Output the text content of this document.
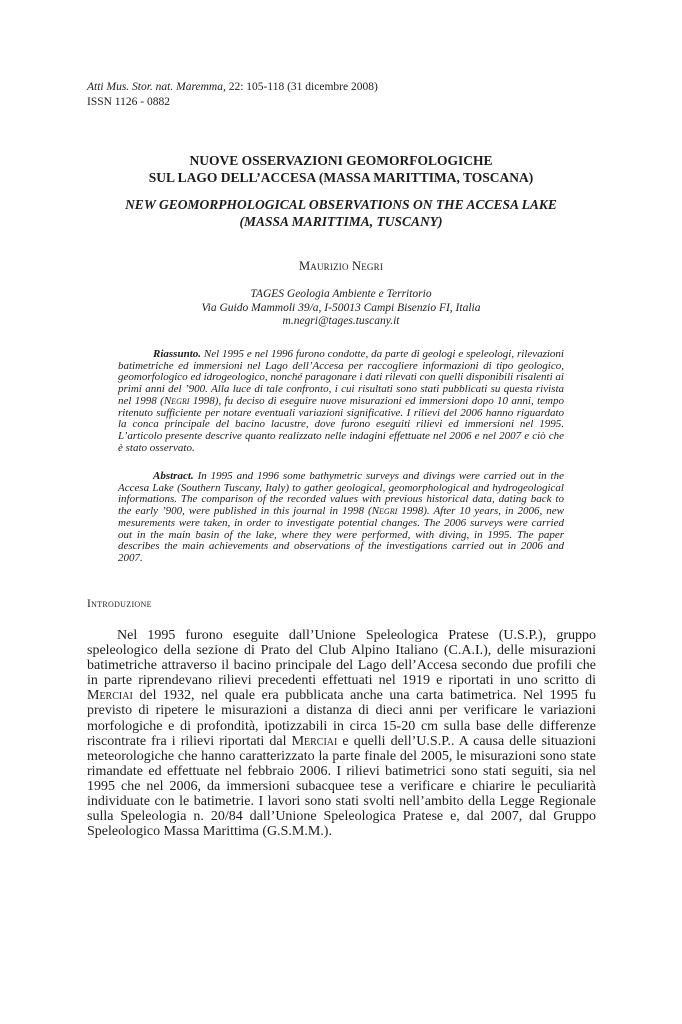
Atti Mus. Stor. nat. Maremma, 22: 105-118 (31 dicembre 2008)
ISSN 1126 - 0882
NUOVE OSSERVAZIONI GEOMORFOLOGICHE
SUL LAGO DELL’ACCESA (MASSA MARITTIMA, TOSCANA)
NEW GEOMORPHOLOGICAL OBSERVATIONS ON THE ACCESA LAKE
(MASSA MARITTIMA, TUSCANY)
Maurizio Negri
TAGES Geologia Ambiente e Territorio
Via Guido Mammoli 39/a, I-50013 Campi Bisenzio FI, Italia
m.negri@tages.tuscany.it
Riassunto. Nel 1995 e nel 1996 furono condotte, da parte di geologi e speleologi, rilevazioni batimetriche ed immersioni nel Lago dell’Accesa per raccogliere informazioni di tipo geologico, geomorfologico ed idrogeologico, nonché paragonare i dati rilevati con quelli disponibili risalenti ai primi anni del ’900. Alla luce di tale confronto, i cui risultati sono stati pubblicati su questa rivista nel 1998 (Negri 1998), fu deciso di eseguire nuove misurazioni ed immersioni dopo 10 anni, tempo ritenuto sufficiente per notare eventuali variazioni significative. I rilievi del 2006 hanno riguardato la conca principale del bacino lacustre, dove furono eseguiti rilievi ed immersioni nel 1995. L’articolo presente descrive quanto realizzato nelle indagini effettuate nel 2006 e nel 2007 e ciò che è stato osservato.
Abstract. In 1995 and 1996 some bathymetric surveys and divings were carried out in the Accesa Lake (Southern Tuscany, Italy) to gather geological, geomorphological and hydrogeological informations. The comparison of the recorded values with previous historical data, dating back to the early ’900, were published in this journal in 1998 (Negri 1998). After 10 years, in 2006, new mesurements were taken, in order to investigate potential changes. The 2006 surveys were carried out in the main basin of the lake, where they were performed, with diving, in 1995. The paper describes the main achievements and observations of the investigations carried out in 2006 and 2007.
Introduzione
Nel 1995 furono eseguite dall’Unione Speleologica Pratese (U.S.P.), gruppo speleologico della sezione di Prato del Club Alpino Italiano (C.A.I.), delle misurazioni batimetriche attraverso il bacino principale del Lago dell’Accesa secondo due profili che in parte riprendevano rilievi precedenti effettuati nel 1919 e riportati in uno scritto di Merciai del 1932, nel quale era pubblicata anche una carta batimetrica. Nel 1995 fu previsto di ripetere le misurazioni a distanza di dieci anni per verificare le variazioni morfologiche e di profondità, ipotizzabili in circa 15-20 cm sulla base delle differenze riscontrate fra i rilievi riportati dal Merciai e quelli dell’U.S.P.. A causa delle situazioni meteorologiche che hanno caratterizzato la parte finale del 2005, le misurazioni sono state rimandate ed effettuate nel febbraio 2006. I rilievi batimetrici sono stati seguiti, sia nel 1995 che nel 2006, da immersioni subacquee tese a verificare e chiarire le peculiarità individuate con le batimetrie. I lavori sono stati svolti nell’ambito della Legge Regionale sulla Speleologia n. 20/84 dall’Unione Speleologica Pratese e, dal 2007, dal Gruppo Speleologico Massa Marittima (G.S.M.M.).
